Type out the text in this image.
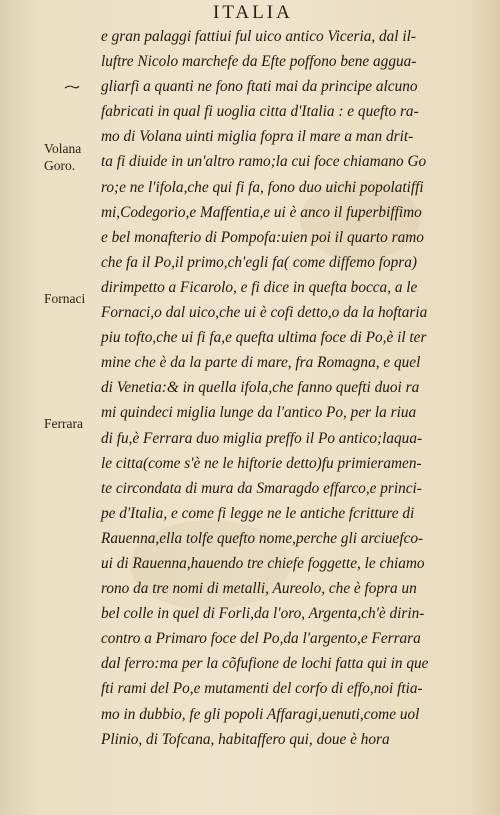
ITALIA
e gran palaggi fattiui ful uico antico Viceria, dal il-
luftre Nicolo marchefe da Efte poffono bene aggua-
gliarfi a quanti ne fono ftati mai da principe alcuno
fabricati in qual fi uoglia citta d'Italia : e quefto ra-
mo di Volana uinti miglia fopra il mare a man drit-
ta fi diuide in un'altro ramo;la cui foce chiamano Go
ro;e ne l'ifola,che qui fi fa, fono duo uichi popolatiffi
mi,Codegorio,e Maffentia,e ui è anco il fuperbiffimo
e bel monafterio di Pompofa:uien poi il quarto ramo
che fa il Po,il primo,ch'egli fa( come diffemo fopra)
dirimpetto a Ficarolo, e fi dice in quefta bocca, a le
Fornaci,o dal uico,che ui è cofi detto,o da la hoftaria
piu tofto,che ui fi fa,e quefta ultima foce di Po,è il ter
mine che è da la parte di mare, fra Romagna, e quel
di Venetia:& in quella ifola,che fanno quefti duoi ra
mi quindeci miglia lunge da l'antico Po, per la riua
di fu,è Ferrara duo miglia preffo il Po antico;laqua-
le citta(come s'è ne le hiftorie detto)fu primieramen-
te circondata di mura da Smaragdo effarco,e princi-
pe d'Italia, e come fi legge ne le antiche fcritture di
Rauenna,ella tolfe quefto nome,perche gli arciuefco-
ui di Rauenna,hauendo tre chiefe foggette, le chiamo
rono da tre nomi di metalli, Aureolo, che è fopra un
bel colle in quel di Forli,da l'oro, Argenta,ch'è dirin-
contro a Primaro foce del Po,da l'argento,e Ferrara
dal ferro:ma per la cõfufione de lochi fatta qui in que
fti rami del Po,e mutamenti del corfo di effo,noi ftia-
mo in dubbio, fe gli popoli Affaragi,uenuti,come uol
Plinio, di Tofcana, habitaffero qui, doue è hora
Volana
Goro.
Fornaci
Ferrara
